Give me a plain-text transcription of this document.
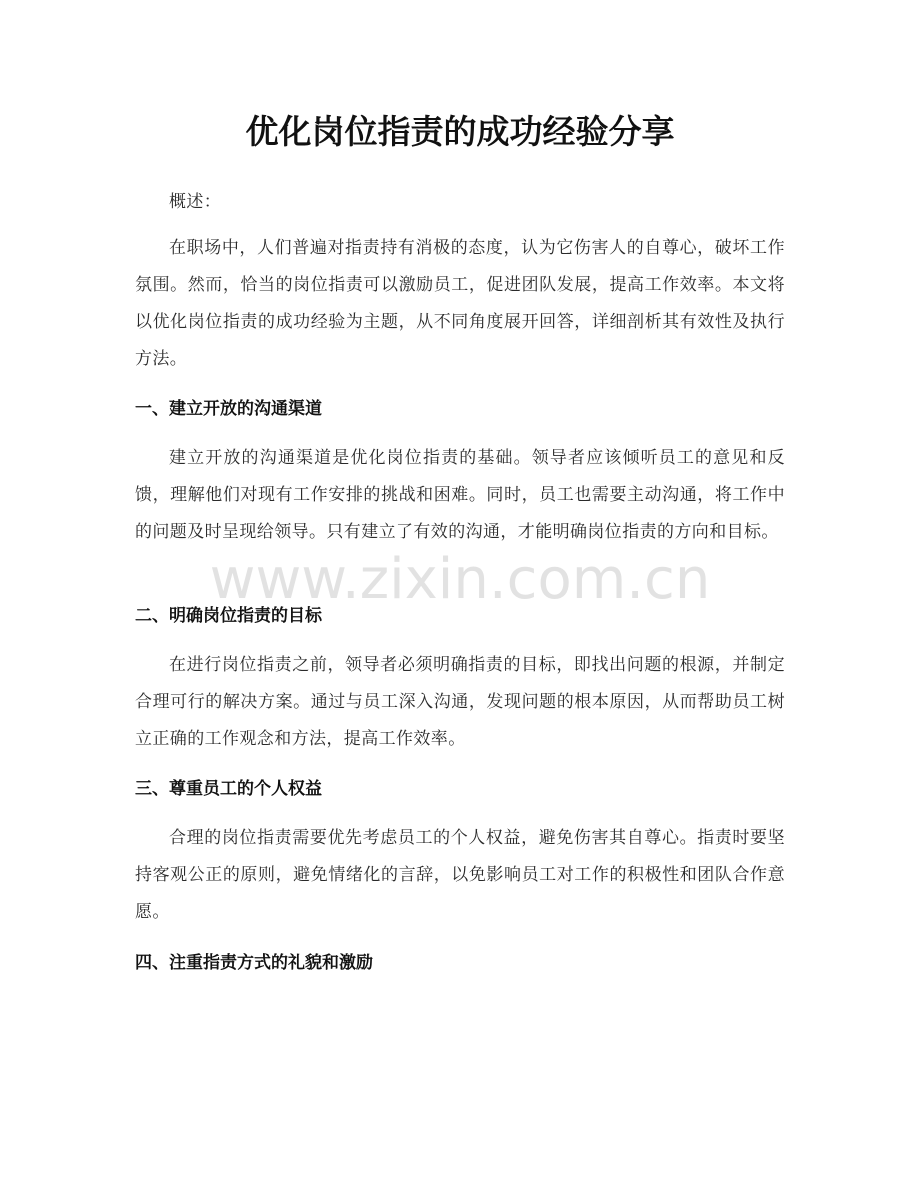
优化岗位指责的成功经验分享

概述：

在职场中，人们普遍对指责持有消极的态度，认为它伤害人的自尊心，破坏工作氛围。然而，恰当的岗位指责可以激励员工，促进团队发展，提高工作效率。本文将以优化岗位指责的成功经验为主题，从不同角度展开回答，详细剖析其有效性及执行方法。

一、建立开放的沟通渠道

建立开放的沟通渠道是优化岗位指责的基础。领导者应该倾听员工的意见和反馈，理解他们对现有工作安排的挑战和困难。同时，员工也需要主动沟通，将工作中的问题及时呈现给领导。只有建立了有效的沟通，才能明确岗位指责的方向和目标。

二、明确岗位指责的目标

在进行岗位指责之前，领导者必须明确指责的目标，即找出问题的根源，并制定合理可行的解决方案。通过与员工深入沟通，发现问题的根本原因，从而帮助员工树立正确的工作观念和方法，提高工作效率。

三、尊重员工的个人权益

合理的岗位指责需要优先考虑员工的个人权益，避免伤害其自尊心。指责时要坚持客观公正的原则，避免情绪化的言辞，以免影响员工对工作的积极性和团队合作意愿。

四、注重指责方式的礼貌和激励
www.zixin.com.cn
